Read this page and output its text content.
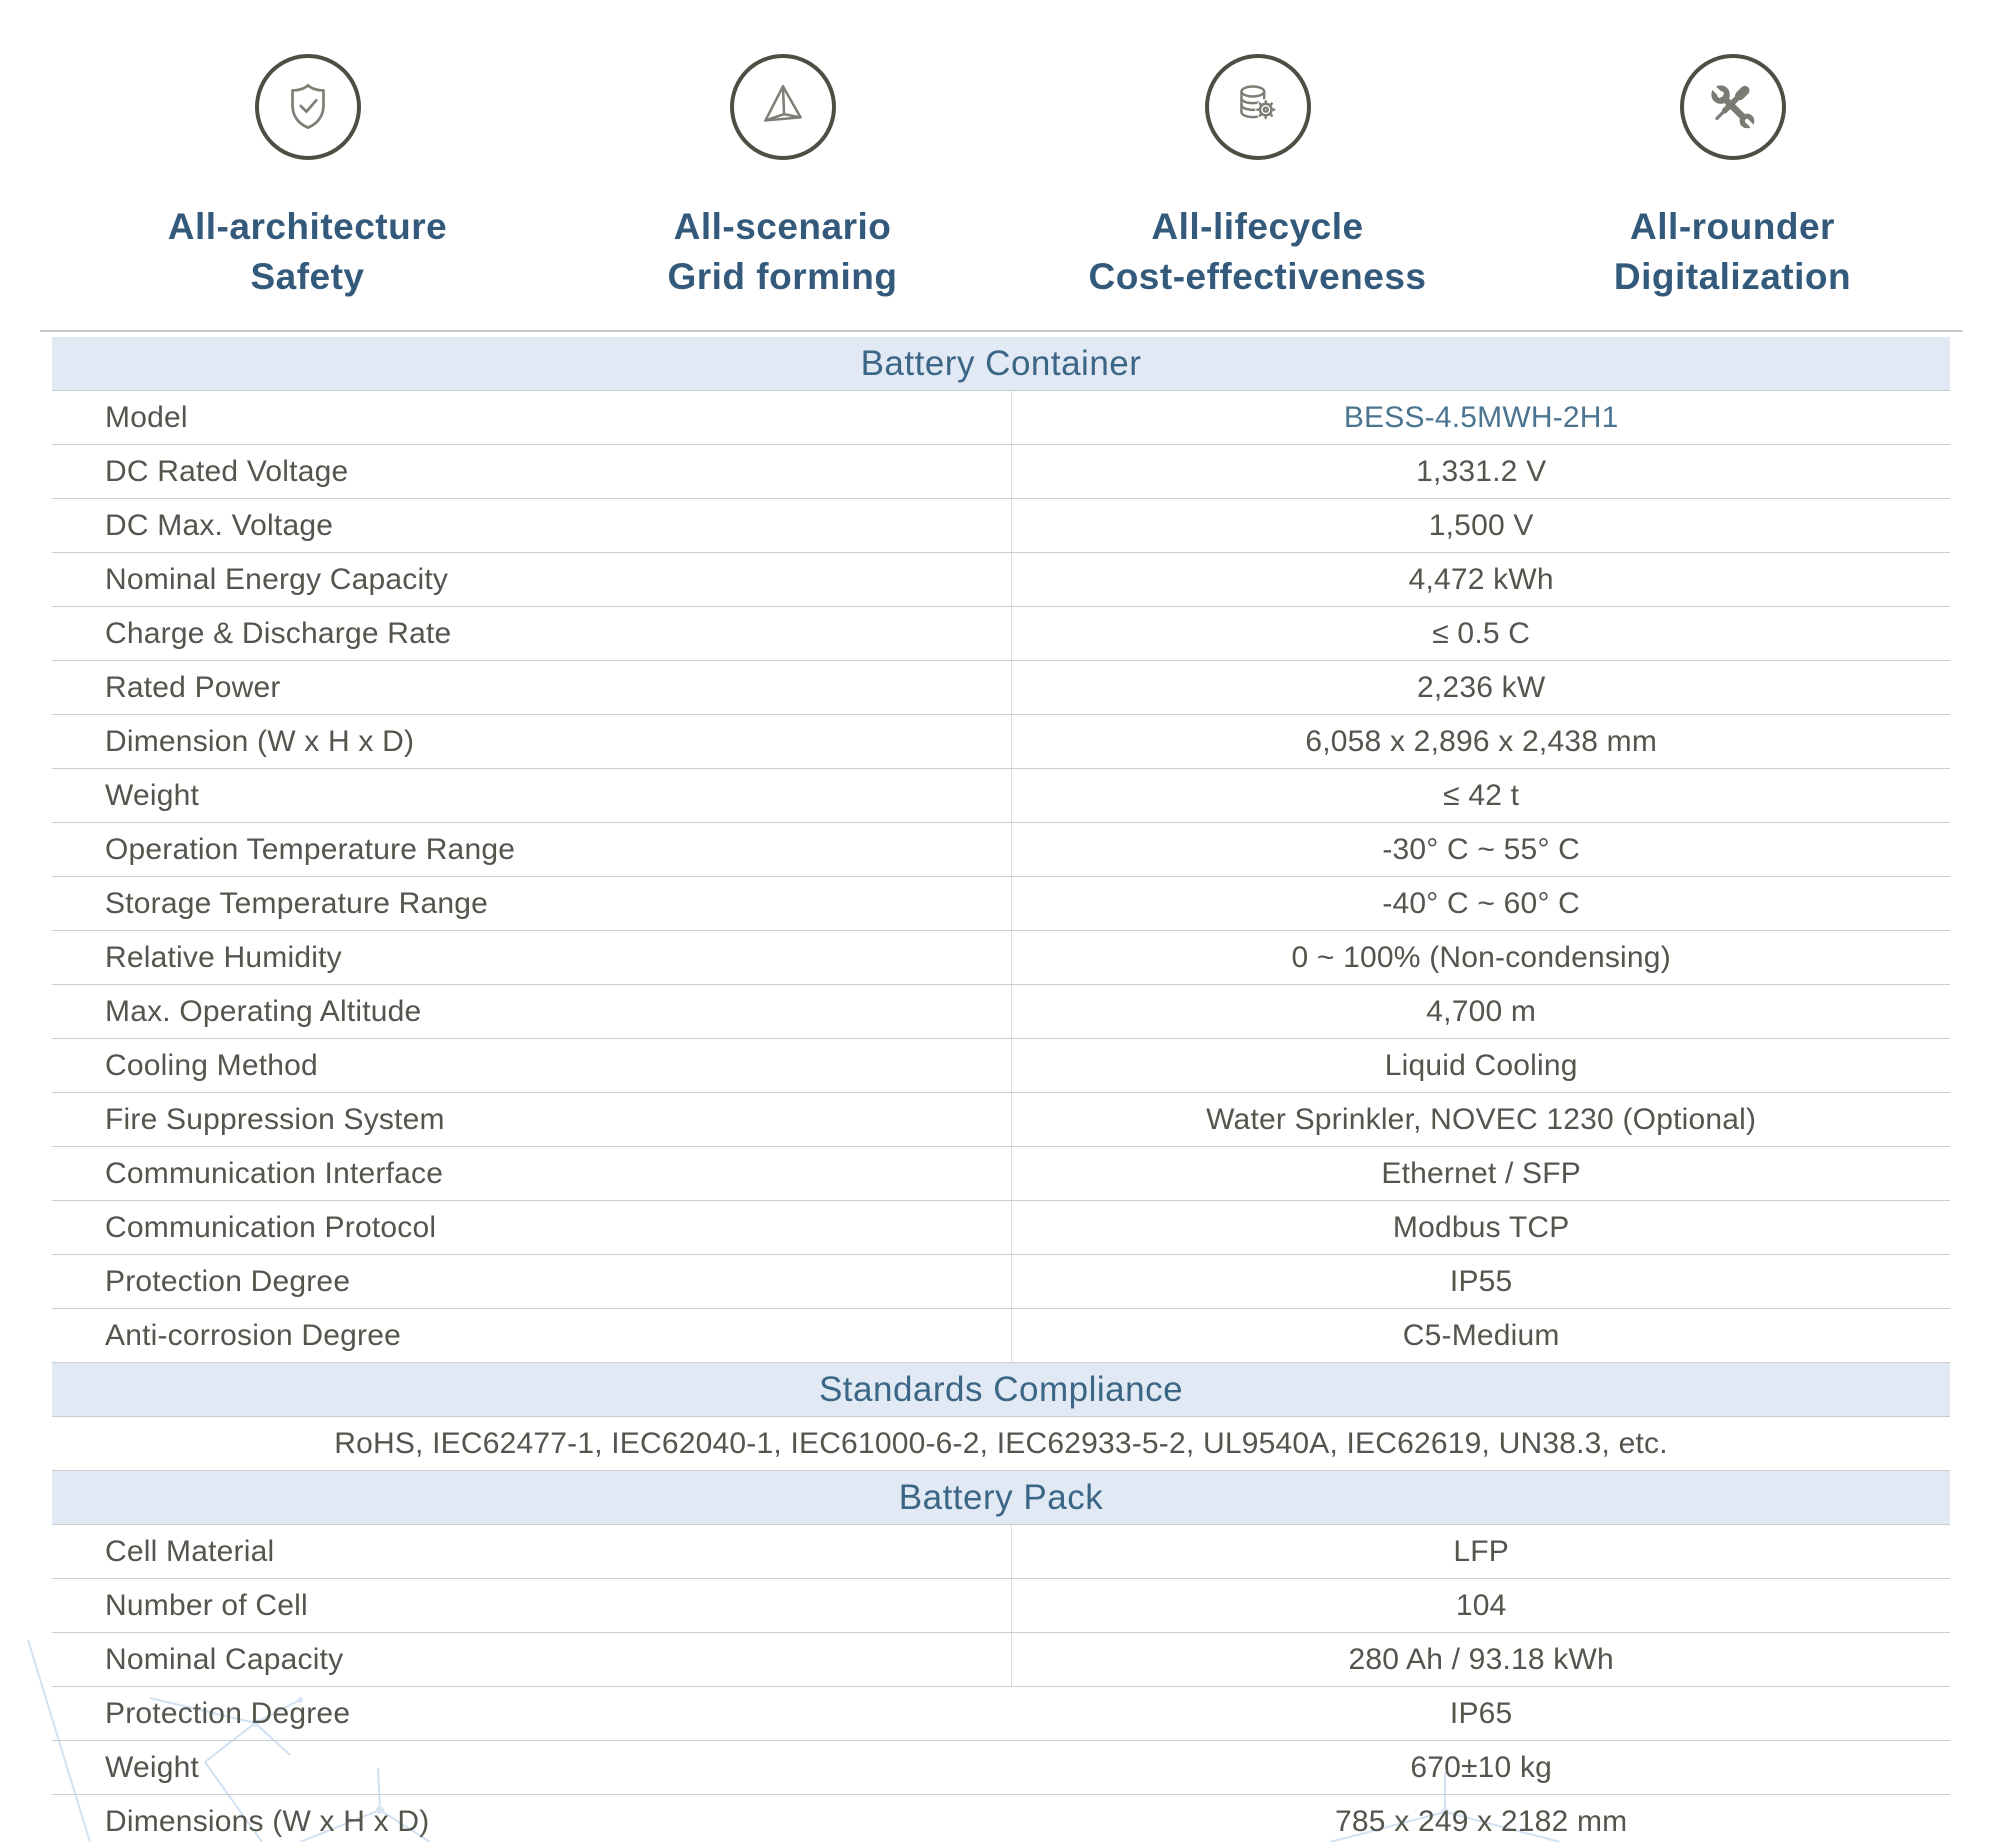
All-architecture
Safety
All-scenario
Grid forming
All-lifecycle
Cost-effectiveness
All-rounder
Digitalization
Battery Container
Model	BESS-4.5MWH-2H1
DC Rated Voltage	1,331.2 V
DC Max. Voltage	1,500 V
Nominal Energy Capacity	4,472 kWh
Charge & Discharge Rate	≤ 0.5 C
Rated Power	2,236 kW
Dimension (W x H x D)	6,058 x 2,896 x 2,438 mm
Weight	≤ 42 t
Operation Temperature Range	-30° C ~ 55° C
Storage Temperature Range	-40° C ~ 60° C
Relative Humidity	0 ~ 100% (Non-condensing)
Max. Operating Altitude	4,700 m
Cooling Method	Liquid Cooling
Fire Suppression System	Water Sprinkler, NOVEC 1230 (Optional)
Communication Interface	Ethernet / SFP
Communication Protocol	Modbus TCP
Protection Degree	IP55
Anti-corrosion Degree	C5-Medium
Standards Compliance
RoHS, IEC62477-1, IEC62040-1, IEC61000-6-2, IEC62933-5-2, UL9540A, IEC62619, UN38.3, etc.
Battery Pack
Cell Material	LFP
Number of Cell	104
Nominal Capacity	280 Ah / 93.18 kWh
Protection Degree	IP65
Weight	670±10 kg
Dimensions (W x H x D)	785 x 249 x 2182 mm
